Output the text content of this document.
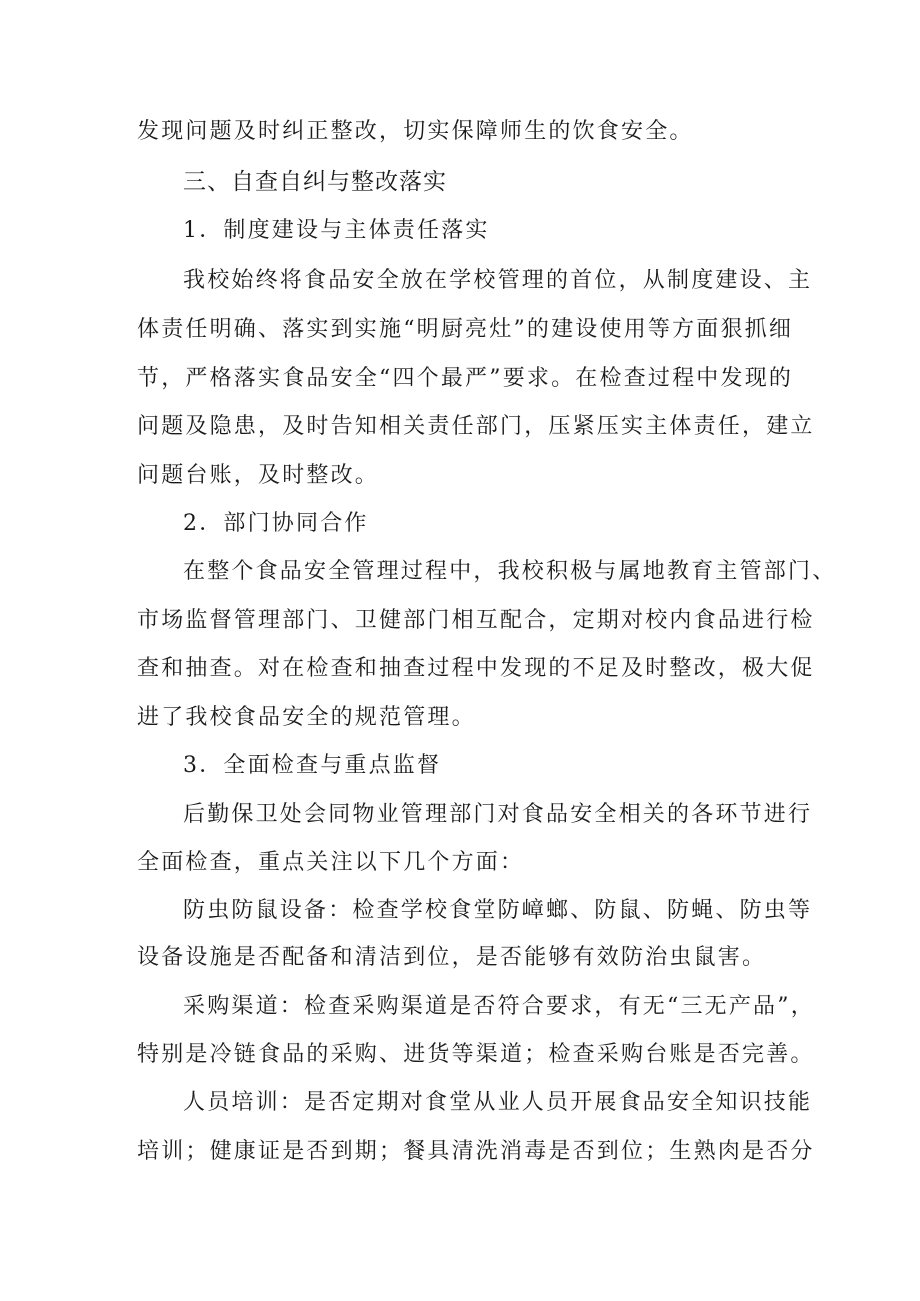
发现问题及时纠正整改，切实保障师生的饮食安全。
三、自查自纠与整改落实
1．制度建设与主体责任落实
我校始终将食品安全放在学校管理的首位，从制度建设、主
体责任明确、落实到实施“明厨亮灶”的建设使用等方面狠抓细
节，严格落实食品安全“四个最严”要求。在检查过程中发现的
问题及隐患，及时告知相关责任部门，压紧压实主体责任，建立
问题台账，及时整改。
2．部门协同合作
在整个食品安全管理过程中，我校积极与属地教育主管部门、
市场监督管理部门、卫健部门相互配合，定期对校内食品进行检
查和抽查。对在检查和抽查过程中发现的不足及时整改，极大促
进了我校食品安全的规范管理。
3．全面检查与重点监督
后勤保卫处会同物业管理部门对食品安全相关的各环节进行
全面检查，重点关注以下几个方面：
防虫防鼠设备：检查学校食堂防嶂螂、防鼠、防蝇、防虫等
设备设施是否配备和清洁到位，是否能够有效防治虫鼠害。
采购渠道：检查采购渠道是否符合要求，有无“三无产品”，
特别是冷链食品的采购、进货等渠道；检查采购台账是否完善。
人员培训：是否定期对食堂从业人员开展食品安全知识技能
培训；健康证是否到期；餐具清洗消毒是否到位；生熟肉是否分
